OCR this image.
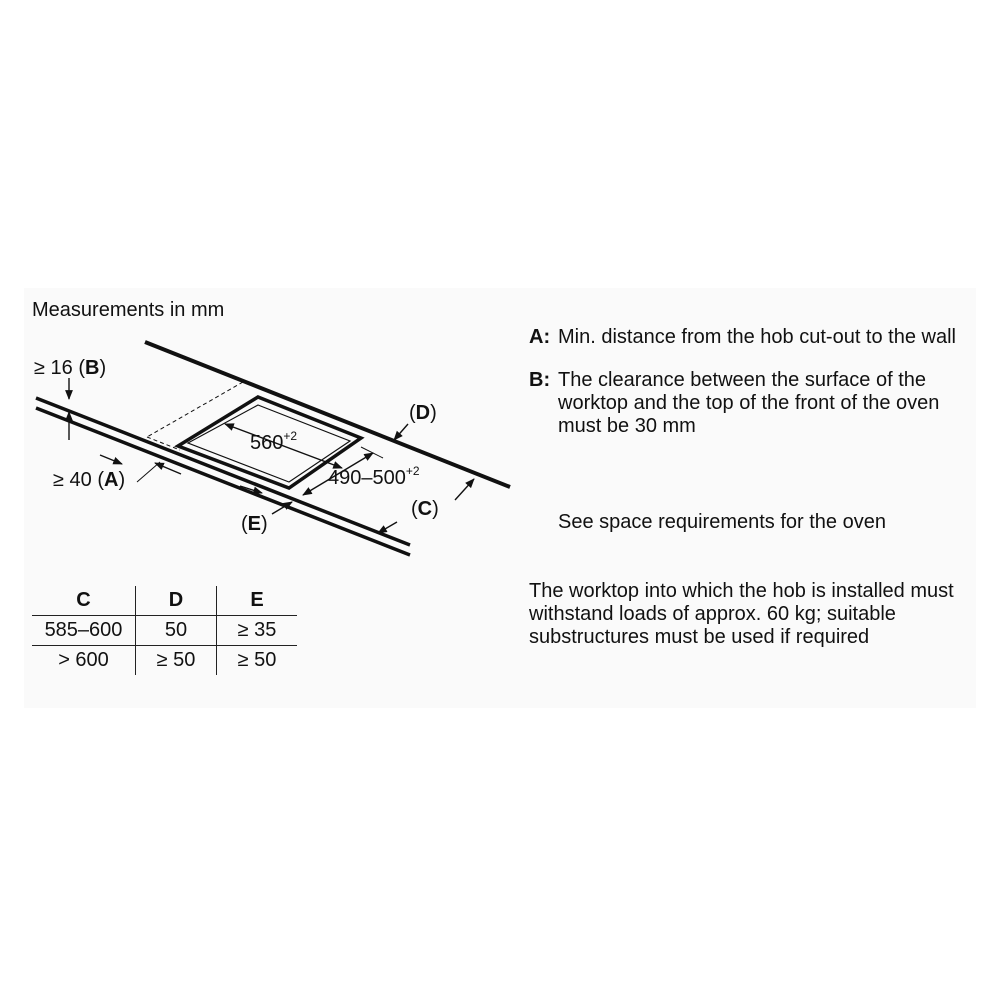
Measurements in mm
$560^{+2}$
$490-500^{+2}$
≥ 16 (B)
≥ 40 (A)
(D)
(C)
(E)
C	D	E
585–600	50	≥ 35
> 600	≥ 50	≥ 50
A: Min. distance from the hob cut-out to the wall
B: The clearance between the surface of the worktop and the top of the front of the oven must be 30 mm
See space requirements for the oven
The worktop into which the hob is installed must withstand loads of approx. 60 kg; suitable substructures must be used if required
